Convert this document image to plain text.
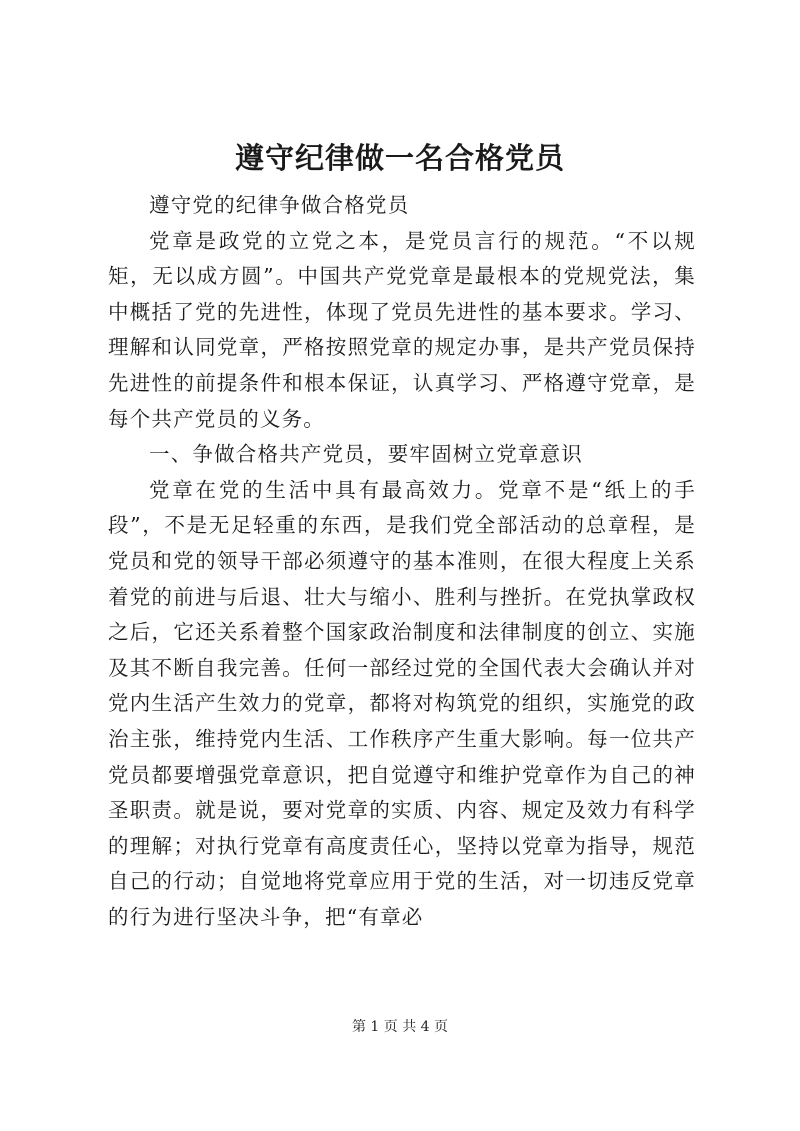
遵守纪律做一名合格党员

遵守党的纪律争做合格党员

党章是政党的立党之本，是党员言行的规范。“不以规矩，无以成方圆”。中国共产党党章是最根本的党规党法，集中概括了党的先进性，体现了党员先进性的基本要求。学习、理解和认同党章，严格按照党章的规定办事，是共产党员保持先进性的前提条件和根本保证，认真学习、严格遵守党章，是每个共产党员的义务。

一、争做合格共产党员，要牢固树立党章意识

党章在党的生活中具有最高效力。党章不是“纸上的手段”，不是无足轻重的东西，是我们党全部活动的总章程，是党员和党的领导干部必须遵守的基本准则，在很大程度上关系着党的前进与后退、壮大与缩小、胜利与挫折。在党执掌政权之后，它还关系着整个国家政治制度和法律制度的创立、实施及其不断自我完善。任何一部经过党的全国代表大会确认并对党内生活产生效力的党章，都将对构筑党的组织，实施党的政治主张，维持党内生活、工作秩序产生重大影响。每一位共产党员都要增强党章意识，把自觉遵守和维护党章作为自己的神圣职责。就是说，要对党章的实质、内容、规定及效力有科学的理解；对执行党章有高度责任心，坚持以党章为指导，规范自己的行动；自觉地将党章应用于党的生活，对一切违反党章的行为进行坚决斗争，把“有章必

第 1 页 共 4 页
